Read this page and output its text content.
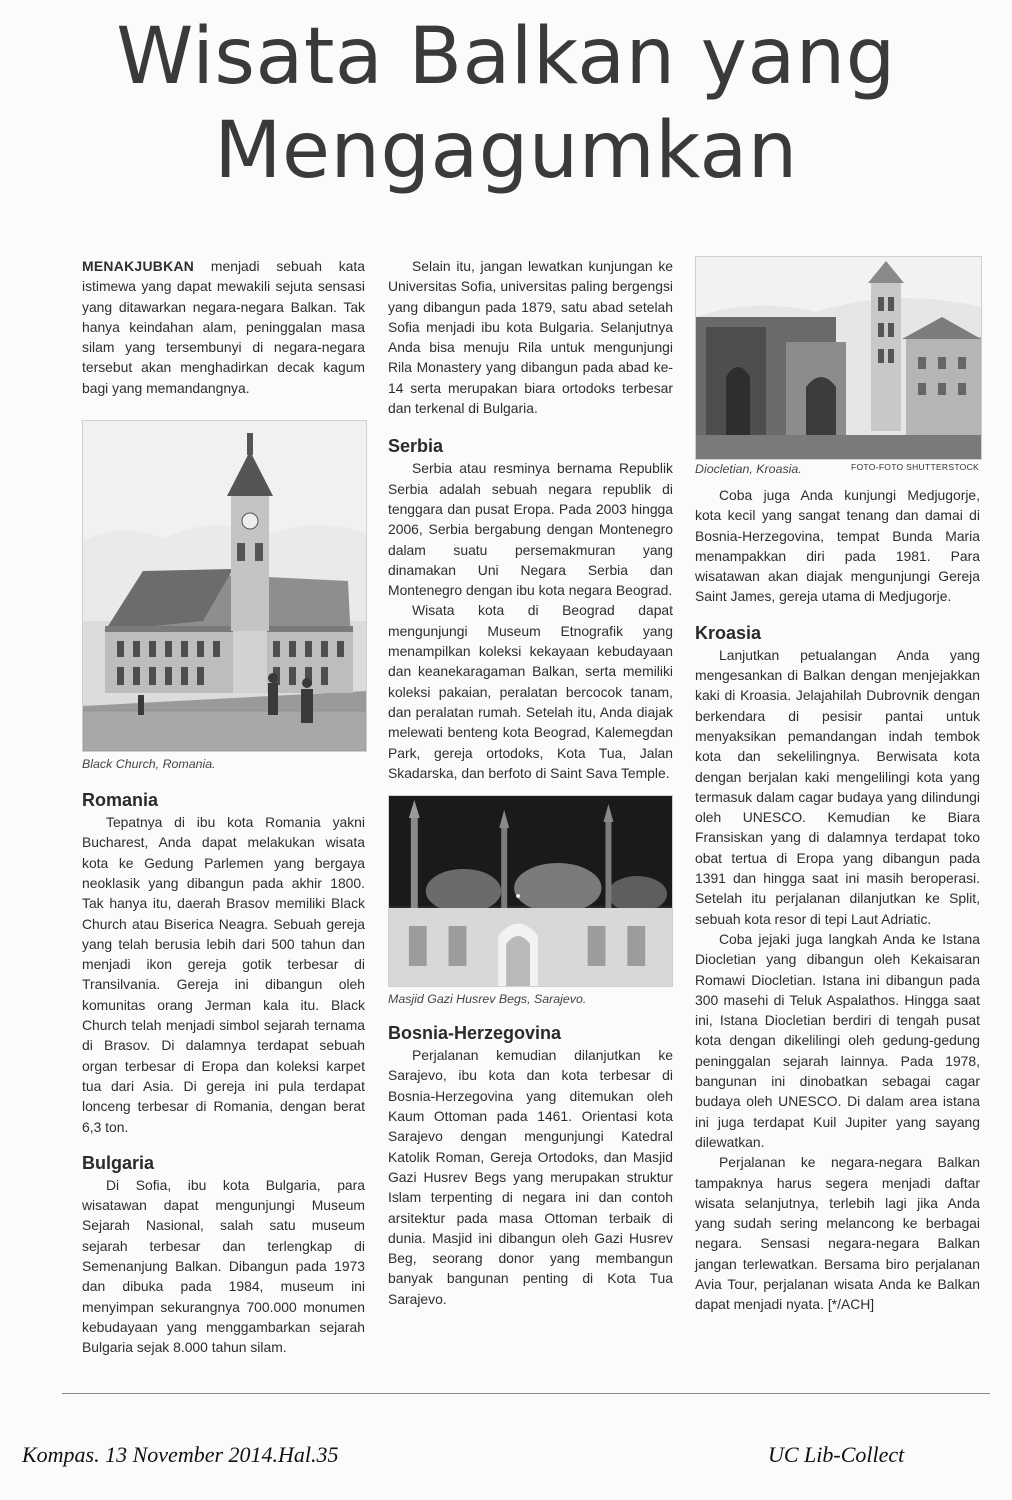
Wisata Balkan yang
Mengagumkan

MENAKJUBKAN menjadi sebuah kata istimewa yang dapat mewakili sejuta sensasi yang ditawarkan negara-negara Balkan. Tak hanya keindahan alam, peninggalan masa silam yang tersembunyi di negara-negara tersebut akan menghadirkan decak kagum bagi yang memandangnya.

Black Church, Romania.
Romania

Tepatnya di ibu kota Romania yakni Bucharest, Anda dapat melakukan wisata kota ke Gedung Parlemen yang bergaya neoklasik yang dibangun pada akhir 1800. Tak hanya itu, daerah Brasov memiliki Black Church atau Biserica Neagra. Sebuah gereja yang telah berusia lebih dari 500 tahun dan menjadi ikon gereja gotik terbesar di Transilvania. Gereja ini dibangun oleh komunitas orang Jerman kala itu. Black Church telah menjadi simbol sejarah ternama di Brasov. Di dalamnya terdapat sebuah organ terbesar di Eropa dan koleksi karpet tua dari Asia. Di gereja ini pula terdapat lonceng terbesar di Romania, dengan berat 6,3 ton.

Bulgaria

Di Sofia, ibu kota Bulgaria, para wisatawan dapat mengunjungi Museum Sejarah Nasional, salah satu museum sejarah terbesar dan terlengkap di Semenanjung Balkan. Dibangun pada 1973 dan dibuka pada 1984, museum ini menyimpan sekurangnya 700.000 monumen kebudayaan yang menggambarkan sejarah Bulgaria sejak 8.000 tahun silam.

Selain itu, jangan lewatkan kunjungan ke Universitas Sofia, universitas paling bergengsi yang dibangun pada 1879, satu abad setelah Sofia menjadi ibu kota Bulgaria. Selanjutnya Anda bisa menuju Rila untuk mengunjungi Rila Monastery yang dibangun pada abad ke-14 serta merupakan biara ortodoks terbesar dan terkenal di Bulgaria.

Serbia

Serbia atau resminya bernama Republik Serbia adalah sebuah negara republik di tenggara dan pusat Eropa. Pada 2003 hingga 2006, Serbia bergabung dengan Montenegro dalam suatu persemakmuran yang dinamakan Uni Negara Serbia dan Montenegro dengan ibu kota negara Beograd.

Wisata kota di Beograd dapat mengunjungi Museum Etnografik yang menampilkan koleksi kekayaan kebudayaan dan keanekaragaman Balkan, serta memiliki koleksi pakaian, peralatan bercocok tanam, dan peralatan rumah. Setelah itu, Anda diajak melewati benteng kota Beograd, Kalemegdan Park, gereja ortodoks, Kota Tua, Jalan Skadarska, dan berfoto di Saint Sava Temple.

Masjid Gazi Husrev Begs, Sarajevo.
Bosnia-Herzegovina

Perjalanan kemudian dilanjutkan ke Sarajevo, ibu kota dan kota terbesar di Bosnia-Herzegovina yang ditemukan oleh Kaum Ottoman pada 1461. Orientasi kota Sarajevo dengan mengunjungi Katedral Katolik Roman, Gereja Ortodoks, dan Masjid Gazi Husrev Begs yang merupakan struktur Islam terpenting di negara ini dan contoh arsitektur pada masa Ottoman terbaik di dunia. Masjid ini dibangun oleh Gazi Husrev Beg, seorang donor yang membangun banyak bangunan penting di Kota Tua Sarajevo.

FOTO-FOTO SHUTTERSTOCK
Diocletian, Kroasia.

Coba juga Anda kunjungi Medjugorje, kota kecil yang sangat tenang dan damai di Bosnia-Herzegovina, tempat Bunda Maria menampakkan diri pada 1981. Para wisatawan akan diajak mengunjungi Gereja Saint James, gereja utama di Medjugorje.

Kroasia

Lanjutkan petualangan Anda yang mengesankan di Balkan dengan menjejakkan kaki di Kroasia. Jelajahilah Dubrovnik dengan berkendara di pesisir pantai untuk menyaksikan pemandangan indah tembok kota dan sekelilingnya. Berwisata kota dengan berjalan kaki mengelilingi kota yang termasuk dalam cagar budaya yang dilindungi oleh UNESCO. Kemudian ke Biara Fransiskan yang di dalamnya terdapat toko obat tertua di Eropa yang dibangun pada 1391 dan hingga saat ini masih beroperasi. Setelah itu perjalanan dilanjutkan ke Split, sebuah kota resor di tepi Laut Adriatic.

Coba jejaki juga langkah Anda ke Istana Diocletian yang dibangun oleh Kekaisaran Romawi Diocletian. Istana ini dibangun pada 300 masehi di Teluk Aspalathos. Hingga saat ini, Istana Diocletian berdiri di tengah pusat kota dengan dikelilingi oleh gedung-gedung peninggalan sejarah lainnya. Pada 1978, bangunan ini dinobatkan sebagai cagar budaya oleh UNESCO. Di dalam area istana ini juga terdapat Kuil Jupiter yang sayang dilewatkan.

Perjalanan ke negara-negara Balkan tampaknya harus segera menjadi daftar wisata selanjutnya, terlebih lagi jika Anda yang sudah sering melancong ke berbagai negara. Sensasi negara-negara Balkan jangan terlewatkan. Bersama biro perjalanan Avia Tour, perjalanan wisata Anda ke Balkan dapat menjadi nyata. [*/ACH]

Kompas. 13 November 2014.Hal.35	UC Lib-Collect
